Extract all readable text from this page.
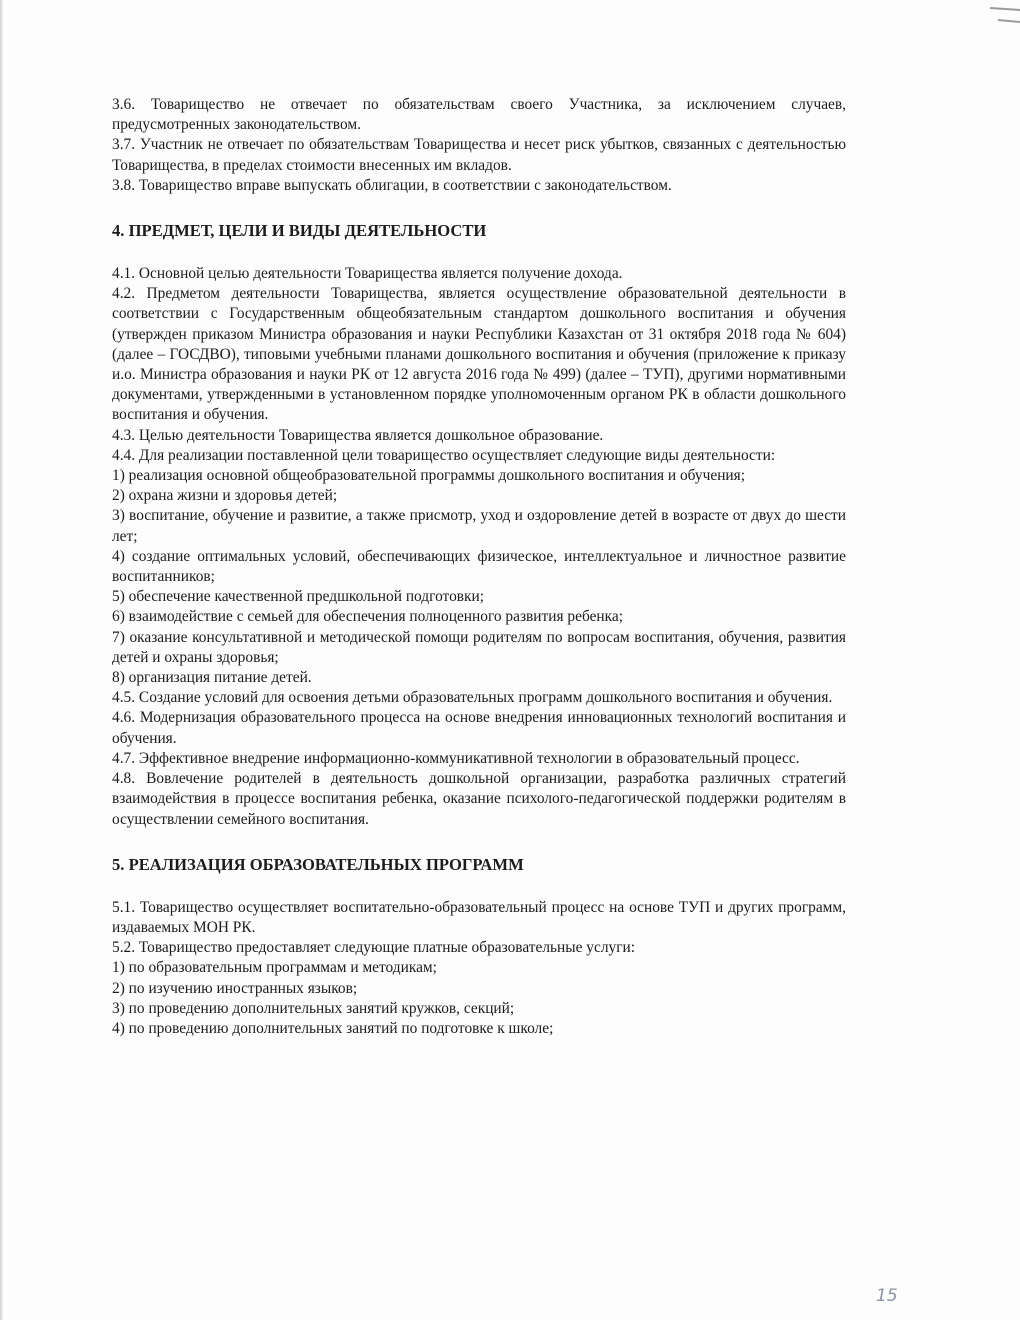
3.6. Товарищество не отвечает по обязательствам своего Участника, за исключением случаев, предусмотренных законодательством.

3.7. Участник не отвечает по обязательствам Товарищества и несет риск убытков, связанных с деятельностью Товарищества, в пределах стоимости внесенных им вкладов.

3.8. Товарищество вправе выпускать облигации, в соответствии с законодательством.

4. ПРЕДМЕТ, ЦЕЛИ И ВИДЫ ДЕЯТЕЛЬНОСТИ

4.1. Основной целью деятельности Товарищества является получение дохода.

4.2. Предметом деятельности Товарищества, является осуществление образовательной деятельности в соответствии с Государственным общеобязательным стандартом дошкольного воспитания и обучения (утвержден приказом Министра образования и науки Республики Казахстан от 31 октября 2018 года № 604) (далее – ГОСДВО), типовыми учебными планами дошкольного воспитания и обучения (приложение к приказу и.о. Министра образования и науки РК от 12 августа 2016 года № 499) (далее – ТУП), другими нормативными документами, утвержденными в установленном порядке уполномоченным органом РК в области дошкольного воспитания и обучения.

4.3. Целью деятельности Товарищества является дошкольное образование.

4.4. Для реализации поставленной цели товарищество осуществляет следующие виды деятельности:

1) реализация основной общеобразовательной программы дошкольного воспитания и обучения;

2) охрана жизни и здоровья детей;

3) воспитание, обучение и развитие, а также присмотр, уход и оздоровление детей в возрасте от двух до шести лет;

4) создание оптимальных условий, обеспечивающих физическое, интеллектуальное и личностное развитие воспитанников;

5) обеспечение качественной предшкольной подготовки;

6) взаимодействие с семьей для обеспечения полноценного развития ребенка;

7) оказание консультативной и методической помощи родителям по вопросам воспитания, обучения, развития детей и охраны здоровья;

8) организация питание детей.

4.5. Создание условий для освоения детьми образовательных программ дошкольного воспитания и обучения.

4.6. Модернизация образовательного процесса на основе внедрения инновационных технологий воспитания и обучения.

4.7. Эффективное внедрение информационно-коммуникативной технологии в образовательный процесс.

4.8. Вовлечение родителей в деятельность дошкольной организации, разработка различных стратегий взаимодействия в процессе воспитания ребенка, оказание психолого-педагогической поддержки родителям в осуществлении семейного воспитания.

5. РЕАЛИЗАЦИЯ ОБРАЗОВАТЕЛЬНЫХ ПРОГРАММ

5.1. Товарищество осуществляет воспитательно-образовательный процесс на основе ТУП и других программ, издаваемых МОН РК.

5.2. Товарищество предоставляет следующие платные образовательные услуги:

1) по образовательным программам и методикам;

2) по изучению иностранных языков;

3) по проведению дополнительных занятий кружков, секций;

4) по проведению дополнительных занятий по подготовке к школе;

15
